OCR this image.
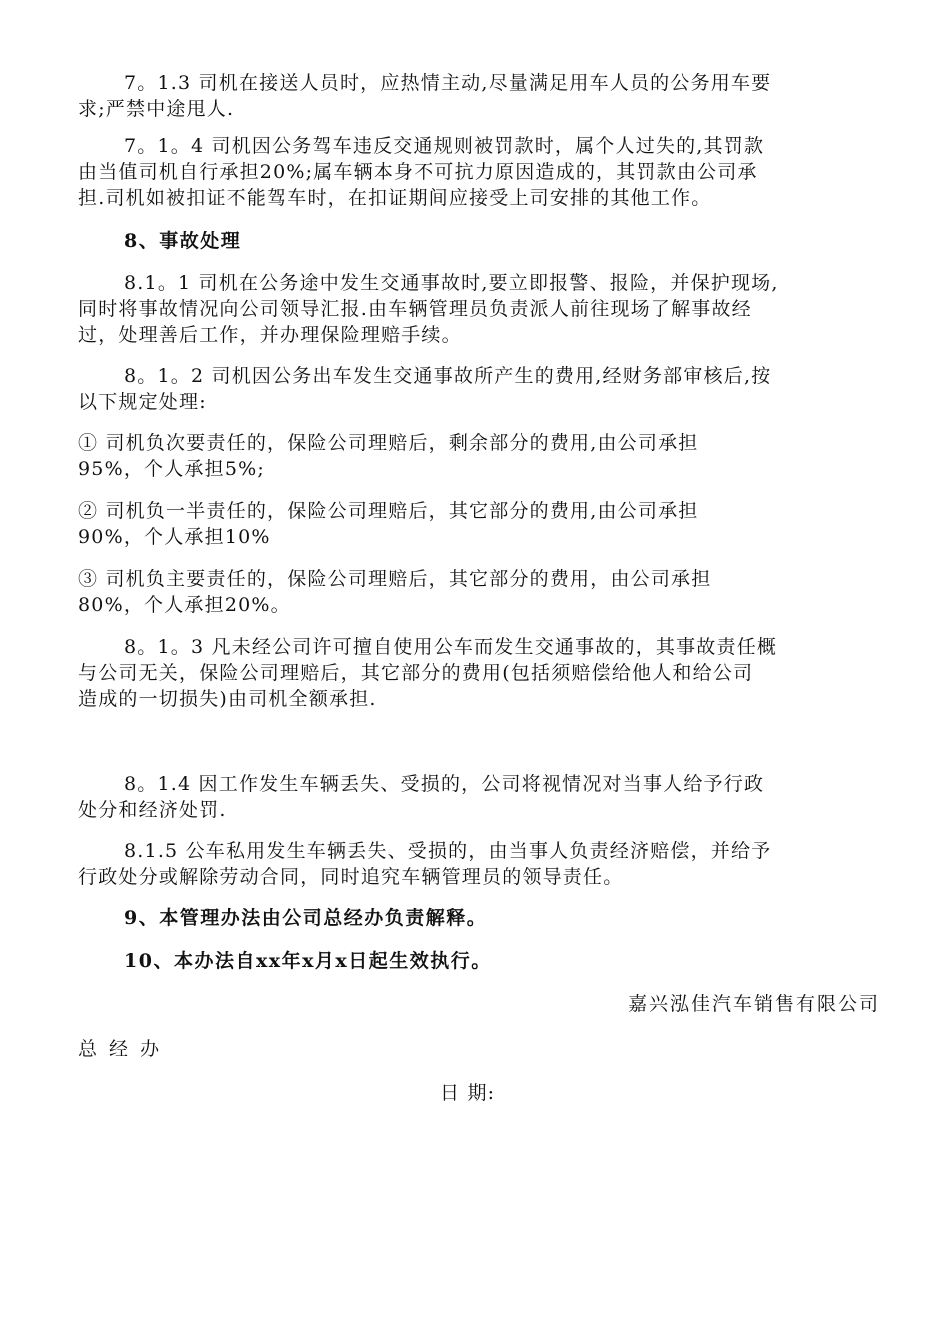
7。1.3 司机在接送人员时，应热情主动,尽量满足用车人员的公务用车要
求;严禁中途甩人.
7。1。4 司机因公务驾车违反交通规则被罚款时，属个人过失的,其罚款
由当值司机自行承担20%;属车辆本身不可抗力原因造成的，其罚款由公司承
担.司机如被扣证不能驾车时，在扣证期间应接受上司安排的其他工作。
8、事故处理
8.1。1 司机在公务途中发生交通事故时,要立即报警、报险，并保护现场,
同时将事故情况向公司领导汇报.由车辆管理员负责派人前往现场了解事故经
过，处理善后工作，并办理保险理赔手续。
8。1。2 司机因公务出车发生交通事故所产生的费用,经财务部审核后,按
以下规定处理:
① 司机负次要责任的，保险公司理赔后，剩余部分的费用,由公司承担
95%，个人承担5%;
② 司机负一半责任的，保险公司理赔后，其它部分的费用,由公司承担
90%，个人承担10%
③ 司机负主要责任的，保险公司理赔后，其它部分的费用，由公司承担
80%，个人承担20%。
8。1。3 凡未经公司许可擅自使用公车而发生交通事故的，其事故责任概
与公司无关，保险公司理赔后，其它部分的费用(包括须赔偿给他人和给公司
造成的一切损失)由司机全额承担.
8。1.4 因工作发生车辆丢失、受损的，公司将视情况对当事人给予行政
处分和经济处罚.
8.1.5 公车私用发生车辆丢失、受损的，由当事人负责经济赔偿，并给予
行政处分或解除劳动合同，同时追究车辆管理员的领导责任。
9、本管理办法由公司总经办负责解释。
10、本办法自xx年x月x日起生效执行。
嘉兴泓佳汽车销售有限公司
总 经 办
日 期:
